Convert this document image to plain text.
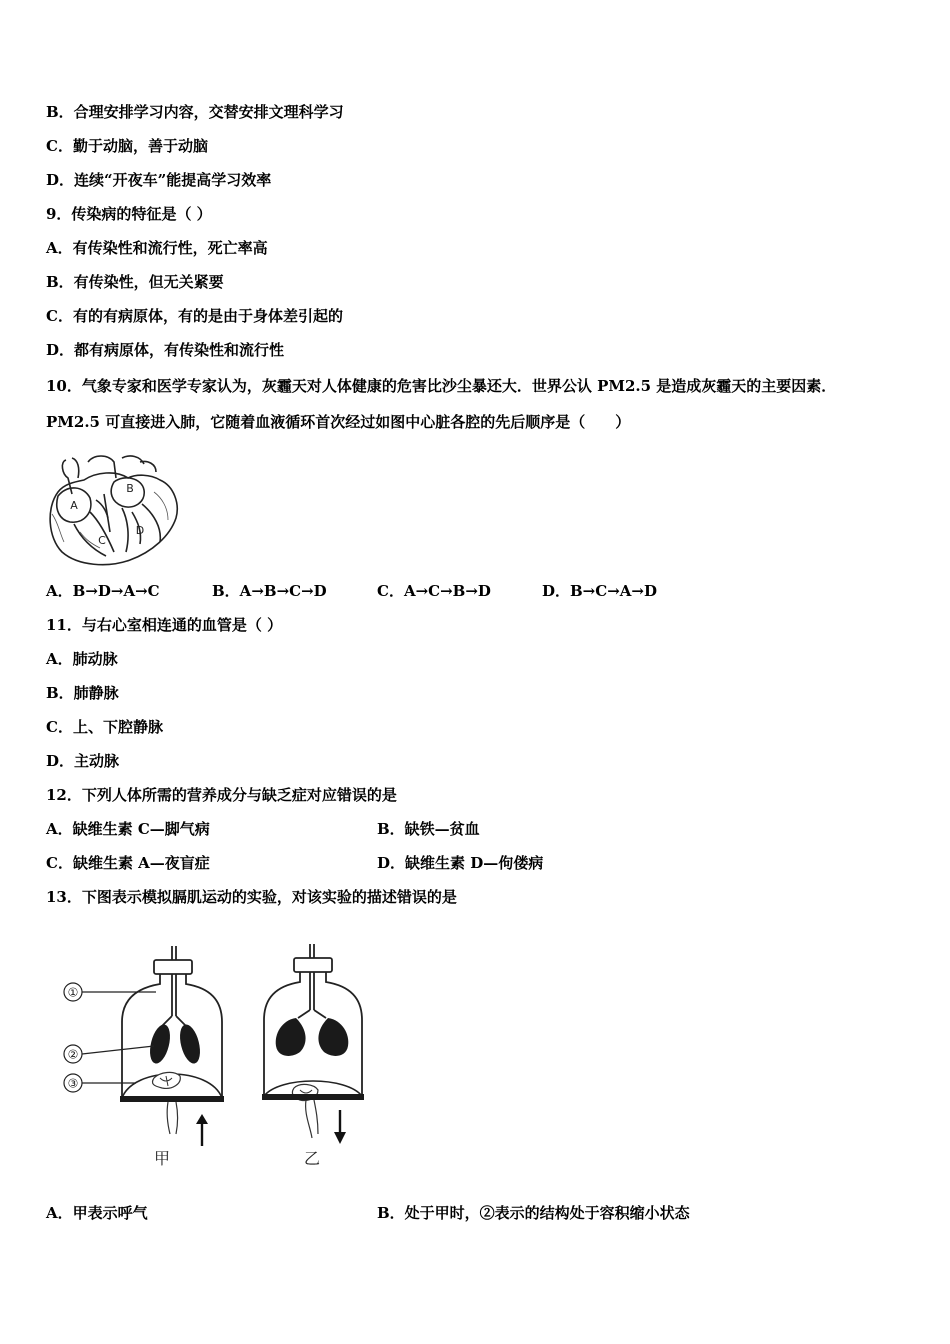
B．合理安排学习内容，交替安排文理科学习
C．勤于动脑，善于动脑
D．连续“开夜车”能提高学习效率
9．传染病的特征是（ ）
A．有传染性和流行性，死亡率高
B．有传染性，但无关紧要
C．有的有病原体，有的是由于身体差引起的
D．都有病原体，有传染性和流行性
10．气象专家和医学专家认为，灰霾天对人体健康的危害比沙尘暴还大．世界公认 PM2.5 是造成灰霾天的主要因素．
PM2.5 可直接进入肺，它随着血液循环首次经过如图中心脏各腔的先后顺序是（　　）
A
B
C
D
A．B→D→A→C	B．A→B→C→D	C．A→C→B→D	D．B→C→A→D
11．与右心室相连通的血管是（ ）
A．肺动脉
B．肺静脉
C．上、下腔静脉
D．主动脉
12．下列人体所需的营养成分与缺乏症对应错误的是
A．缺维生素 C—脚气病	B．缺铁—贫血
C．缺维生素 A—夜盲症	D．缺维生素 D—佝偻病
13．下图表示模拟膈肌运动的实验，对该实验的描述错误的是
①
②
③
甲	乙
A．甲表示呼气	B．处于甲时，②表示的结构处于容积缩小状态
